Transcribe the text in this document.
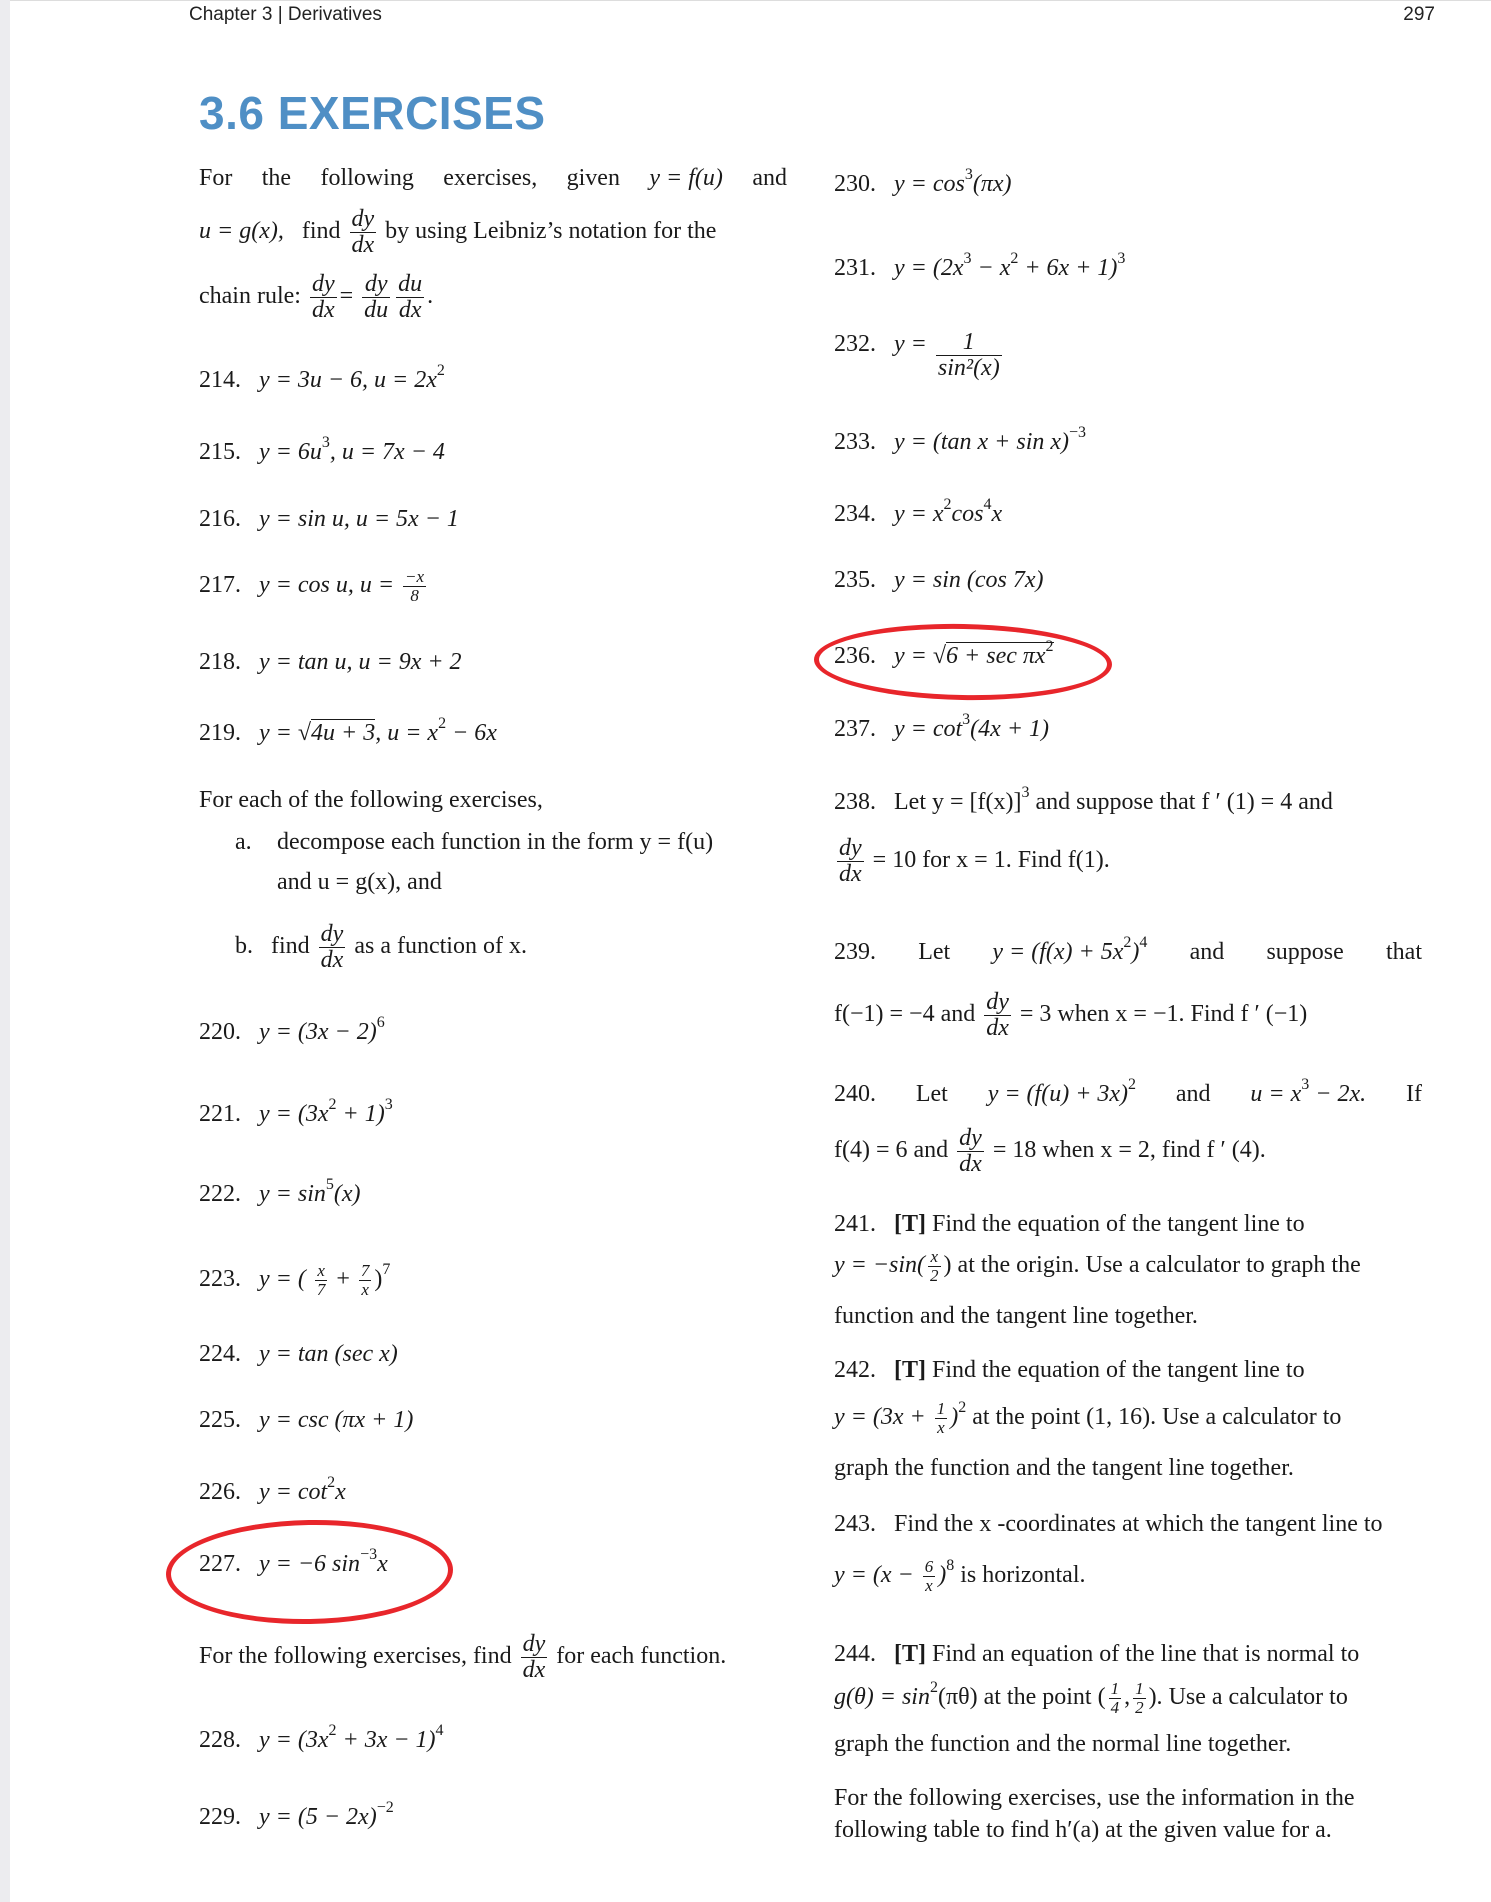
Chapter 3 | Derivatives	297
3.6 EXERCISES
For the following exercises, given y = f(u) and
u = g(x), find $\frac{dy}{dx}$ by using Leibniz’s notation for the
chain rule: $\frac{dy}{dx} = \frac{dy}{du} \frac{du}{dx}$ .
214. y = 3u − 6, $u = 2x^2$
215. $y = 6u^3$, u = 7x − 4
216. y = sin u, u = 5x − 1
217. y = cos u, $u = \frac{-x}{8}$
218. y = tan u, u = 9x + 2
219. y = √4u + 3, $u = x^2 - 6x$
For each of the following exercises,
a. decompose each function in the form y = f(u)
and u = g(x), and
b. find $\frac{dy}{dx}$ as a function of x.
220. $y = (3x - 2)^6$
221. $y = (3x^2 + 1)^3$
222. $y = \sin^5(x)$
223. y = ( $\frac{x}{7} + \frac{7}{x} )^7$
224. y = tan (sec x)
225. y = csc (πx + 1)
226. $y = \cot^2x$
227. y = −6 $\sin^{-3}x$
For the following exercises, find $\frac{dy}{dx}$ for each function.
228. $y = (3x^2 + 3x - 1)^4$
229. $y = (5 - 2x)^{-2}$
230. $y = \cos^3(\pi x)$
231. $y = (2x^3 - x^2 + 6x + 1)^3$
232. $y = \frac{1}{\text{sin²(x)}}$
233. y = (tan x + sin x)$^{-3}$
234. $y = x^2\cos^4x$
235. y = sin (cos 7x)
236. $y = √6 + \sec \pi x^2$
237. $y = \cot^3(4x + 1)$
238. Let $y = [f(x)]^3$ and suppose that f ′ (1) = 4 and
$\frac{dy}{dx} = 10$ for x = 1. Find f(1).
239. Let $y = (f(x) + 5x^2)^4$ and suppose that
f(−1) = −4 and $\frac{dy}{dx} = 3$ when x = −1. Find f ′ (−1)
240. Let $y = (f(u) + 3x)^2$ and $u = x^3 - 2x$. If
f(4) = 6 and $\frac{dy}{dx} = 18$ when x = 2, find f ′ (4).
241. [T] Find the equation of the tangent line to
$y = -\sin( \frac{x}{2}$ ) at the origin. Use a calculator to graph the
function and the tangent line together.
242. [T] Find the equation of the tangent line to
$y = (3x + \frac{1}{x} )^2$ at the point (1, 16). Use a calculator to
graph the function and the tangent line together.
243. Find the x -coordinates at which the tangent line to
$y = (x - \frac{6}{x} )^8$ is horizontal.
244. [T] Find an equation of the line that is normal to
$g(\theta) = \sin^2(\pi\theta)$ at the point ( $\frac{1}{4}$ , $\frac{1}{2}$ ). Use a calculator to
graph the function and the normal line together.
For the following exercises, use the information in the
following table to find h′(a) at the given value for a.
